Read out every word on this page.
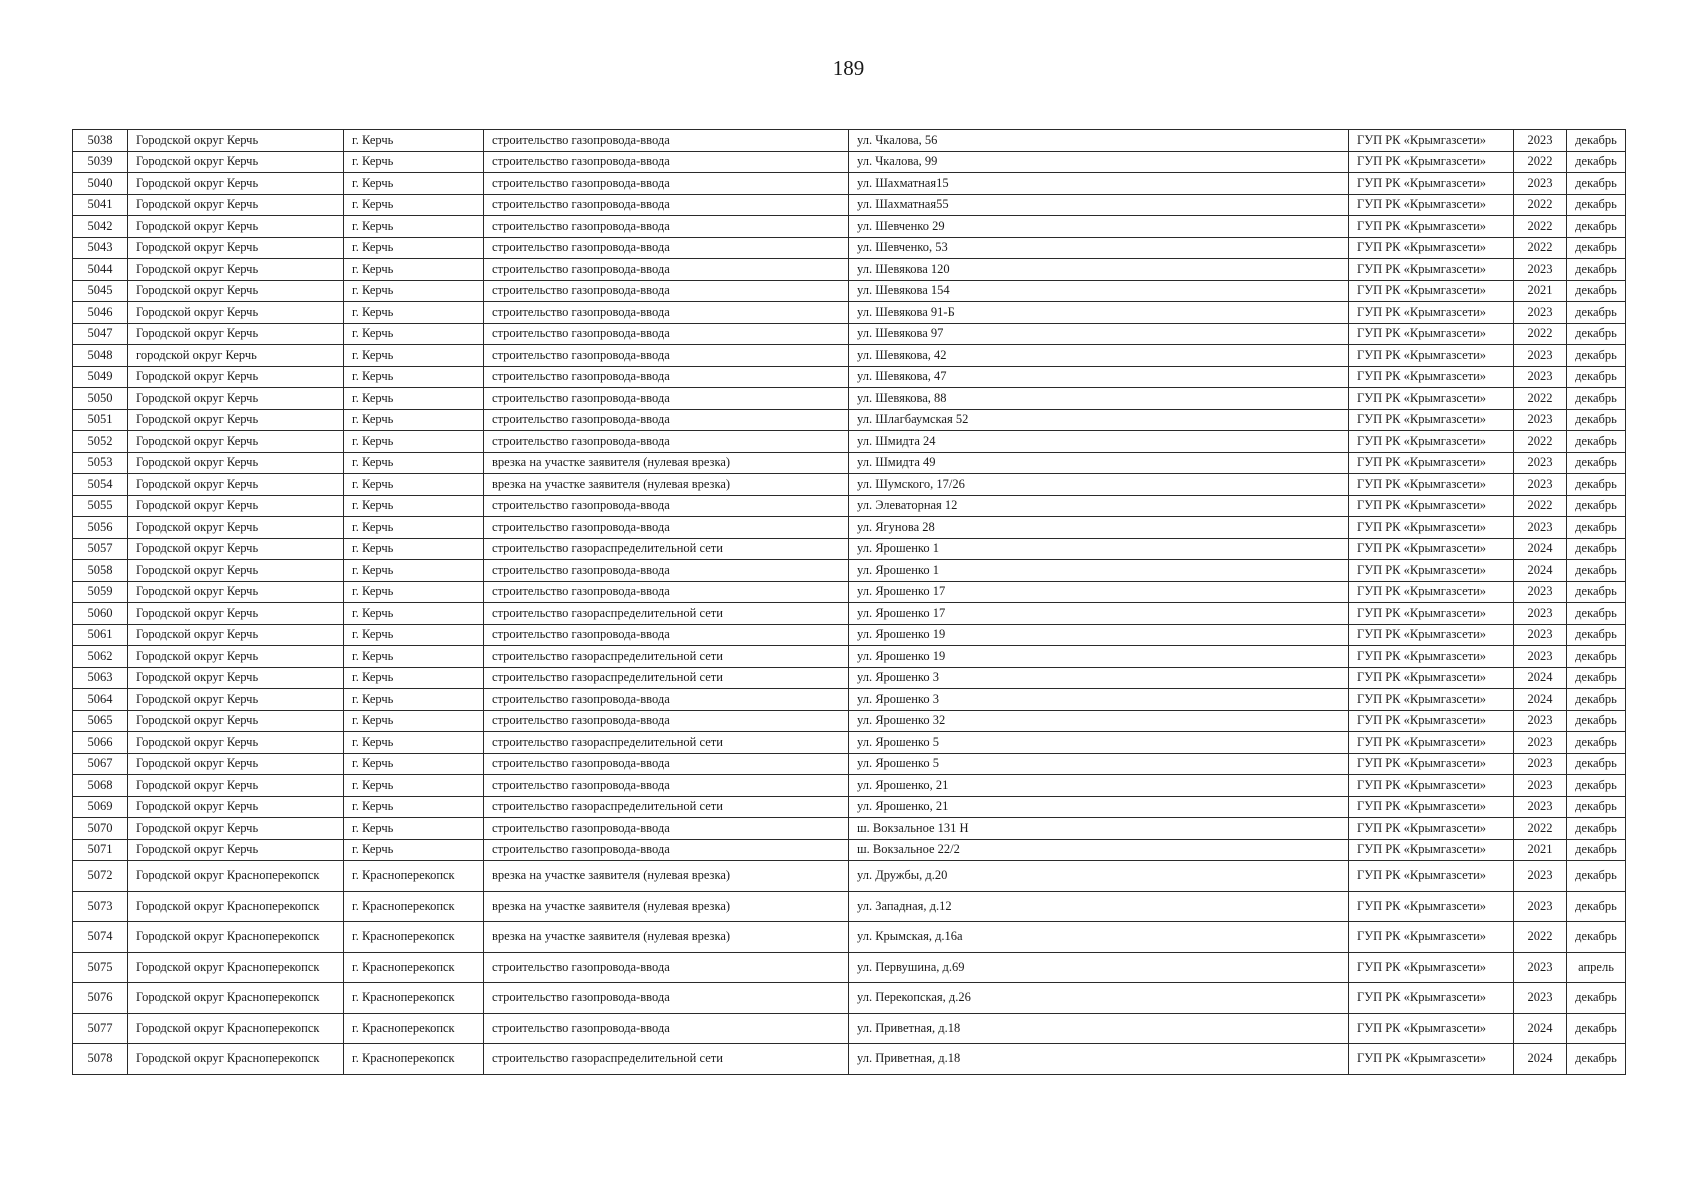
189
5038	Городской округ Керчь	г. Керчь	строительство газопровода-ввода	ул. Чкалова, 56	ГУП РК «Крымгазсети»	2023	декабрь
5039	Городской округ Керчь	г. Керчь	строительство газопровода-ввода	ул. Чкалова, 99	ГУП РК «Крымгазсети»	2022	декабрь
5040	Городской округ Керчь	г. Керчь	строительство газопровода-ввода	ул. Шахматная15	ГУП РК «Крымгазсети»	2023	декабрь
5041	Городской округ Керчь	г. Керчь	строительство газопровода-ввода	ул. Шахматная55	ГУП РК «Крымгазсети»	2022	декабрь
5042	Городской округ Керчь	г. Керчь	строительство газопровода-ввода	ул. Шевченко 29	ГУП РК «Крымгазсети»	2022	декабрь
5043	Городской округ Керчь	г. Керчь	строительство газопровода-ввода	ул. Шевченко, 53	ГУП РК «Крымгазсети»	2022	декабрь
5044	Городской округ Керчь	г. Керчь	строительство газопровода-ввода	ул. Шевякова 120	ГУП РК «Крымгазсети»	2023	декабрь
5045	Городской округ Керчь	г. Керчь	строительство газопровода-ввода	ул. Шевякова 154	ГУП РК «Крымгазсети»	2021	декабрь
5046	Городской округ Керчь	г. Керчь	строительство газопровода-ввода	ул. Шевякова 91-Б	ГУП РК «Крымгазсети»	2023	декабрь
5047	Городской округ Керчь	г. Керчь	строительство газопровода-ввода	ул. Шевякова 97	ГУП РК «Крымгазсети»	2022	декабрь
5048	городской округ Керчь	г. Керчь	строительство газопровода-ввода	ул. Шевякова, 42	ГУП РК «Крымгазсети»	2023	декабрь
5049	Городской округ Керчь	г. Керчь	строительство газопровода-ввода	ул. Шевякова, 47	ГУП РК «Крымгазсети»	2023	декабрь
5050	Городской округ Керчь	г. Керчь	строительство газопровода-ввода	ул. Шевякова, 88	ГУП РК «Крымгазсети»	2022	декабрь
5051	Городской округ Керчь	г. Керчь	строительство газопровода-ввода	ул. Шлагбаумская 52	ГУП РК «Крымгазсети»	2023	декабрь
5052	Городской округ Керчь	г. Керчь	строительство газопровода-ввода	ул. Шмидта 24	ГУП РК «Крымгазсети»	2022	декабрь
5053	Городской округ Керчь	г. Керчь	врезка на участке заявителя (нулевая врезка)	ул. Шмидта 49	ГУП РК «Крымгазсети»	2023	декабрь
5054	Городской округ Керчь	г. Керчь	врезка на участке заявителя (нулевая врезка)	ул. Шумского, 17/26	ГУП РК «Крымгазсети»	2023	декабрь
5055	Городской округ Керчь	г. Керчь	строительство газопровода-ввода	ул. Элеваторная 12	ГУП РК «Крымгазсети»	2022	декабрь
5056	Городской округ Керчь	г. Керчь	строительство газопровода-ввода	ул. Ягунова 28	ГУП РК «Крымгазсети»	2023	декабрь
5057	Городской округ Керчь	г. Керчь	строительство газораспределительной сети	ул. Ярошенко 1	ГУП РК «Крымгазсети»	2024	декабрь
5058	Городской округ Керчь	г. Керчь	строительство газопровода-ввода	ул. Ярошенко 1	ГУП РК «Крымгазсети»	2024	декабрь
5059	Городской округ Керчь	г. Керчь	строительство газопровода-ввода	ул. Ярошенко 17	ГУП РК «Крымгазсети»	2023	декабрь
5060	Городской округ Керчь	г. Керчь	строительство газораспределительной сети	ул. Ярошенко 17	ГУП РК «Крымгазсети»	2023	декабрь
5061	Городской округ Керчь	г. Керчь	строительство газопровода-ввода	ул. Ярошенко 19	ГУП РК «Крымгазсети»	2023	декабрь
5062	Городской округ Керчь	г. Керчь	строительство газораспределительной сети	ул. Ярошенко 19	ГУП РК «Крымгазсети»	2023	декабрь
5063	Городской округ Керчь	г. Керчь	строительство газораспределительной сети	ул. Ярошенко 3	ГУП РК «Крымгазсети»	2024	декабрь
5064	Городской округ Керчь	г. Керчь	строительство газопровода-ввода	ул. Ярошенко 3	ГУП РК «Крымгазсети»	2024	декабрь
5065	Городской округ Керчь	г. Керчь	строительство газопровода-ввода	ул. Ярошенко 32	ГУП РК «Крымгазсети»	2023	декабрь
5066	Городской округ Керчь	г. Керчь	строительство газораспределительной сети	ул. Ярошенко 5	ГУП РК «Крымгазсети»	2023	декабрь
5067	Городской округ Керчь	г. Керчь	строительство газопровода-ввода	ул. Ярошенко 5	ГУП РК «Крымгазсети»	2023	декабрь
5068	Городской округ Керчь	г. Керчь	строительство газопровода-ввода	ул. Ярошенко, 21	ГУП РК «Крымгазсети»	2023	декабрь
5069	Городской округ Керчь	г. Керчь	строительство газораспределительной сети	ул. Ярошенко, 21	ГУП РК «Крымгазсети»	2023	декабрь
5070	Городской округ Керчь	г. Керчь	строительство газопровода-ввода	ш. Вокзальное 131 Н	ГУП РК «Крымгазсети»	2022	декабрь
5071	Городской округ Керчь	г. Керчь	строительство газопровода-ввода	ш. Вокзальное 22/2	ГУП РК «Крымгазсети»	2021	декабрь
5072	Городской округ Красноперекопск	г. Красноперекопск	врезка на участке заявителя (нулевая врезка)	ул. Дружбы, д.20	ГУП РК «Крымгазсети»	2023	декабрь
5073	Городской округ Красноперекопск	г. Красноперекопск	врезка на участке заявителя (нулевая врезка)	ул. Западная, д.12	ГУП РК «Крымгазсети»	2023	декабрь
5074	Городской округ Красноперекопск	г. Красноперекопск	врезка на участке заявителя (нулевая врезка)	ул. Крымская, д.16а	ГУП РК «Крымгазсети»	2022	декабрь
5075	Городской округ Красноперекопск	г. Красноперекопск	строительство газопровода-ввода	ул. Первушина, д.69	ГУП РК «Крымгазсети»	2023	апрель
5076	Городской округ Красноперекопск	г. Красноперекопск	строительство газопровода-ввода	ул. Перекопская, д.26	ГУП РК «Крымгазсети»	2023	декабрь
5077	Городской округ Красноперекопск	г. Красноперекопск	строительство газопровода-ввода	ул. Приветная, д.18	ГУП РК «Крымгазсети»	2024	декабрь
5078	Городской округ Красноперекопск	г. Красноперекопск	строительство газораспределительной сети	ул. Приветная, д.18	ГУП РК «Крымгазсети»	2024	декабрь
